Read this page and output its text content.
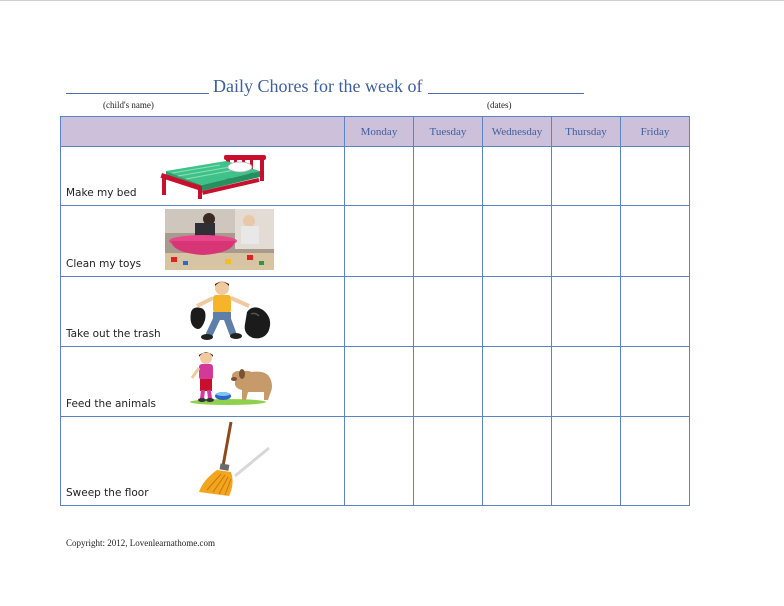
Daily Chores for the week of
(child's name)	(dates)
	Monday	Tuesday	Wednesday	Thursday	Friday

Make my bed					

Clean my toys					

Take out the trash					

Feed the animals					

Sweep the floor					

Copyright: 2012, Lovenlearnathome.com
